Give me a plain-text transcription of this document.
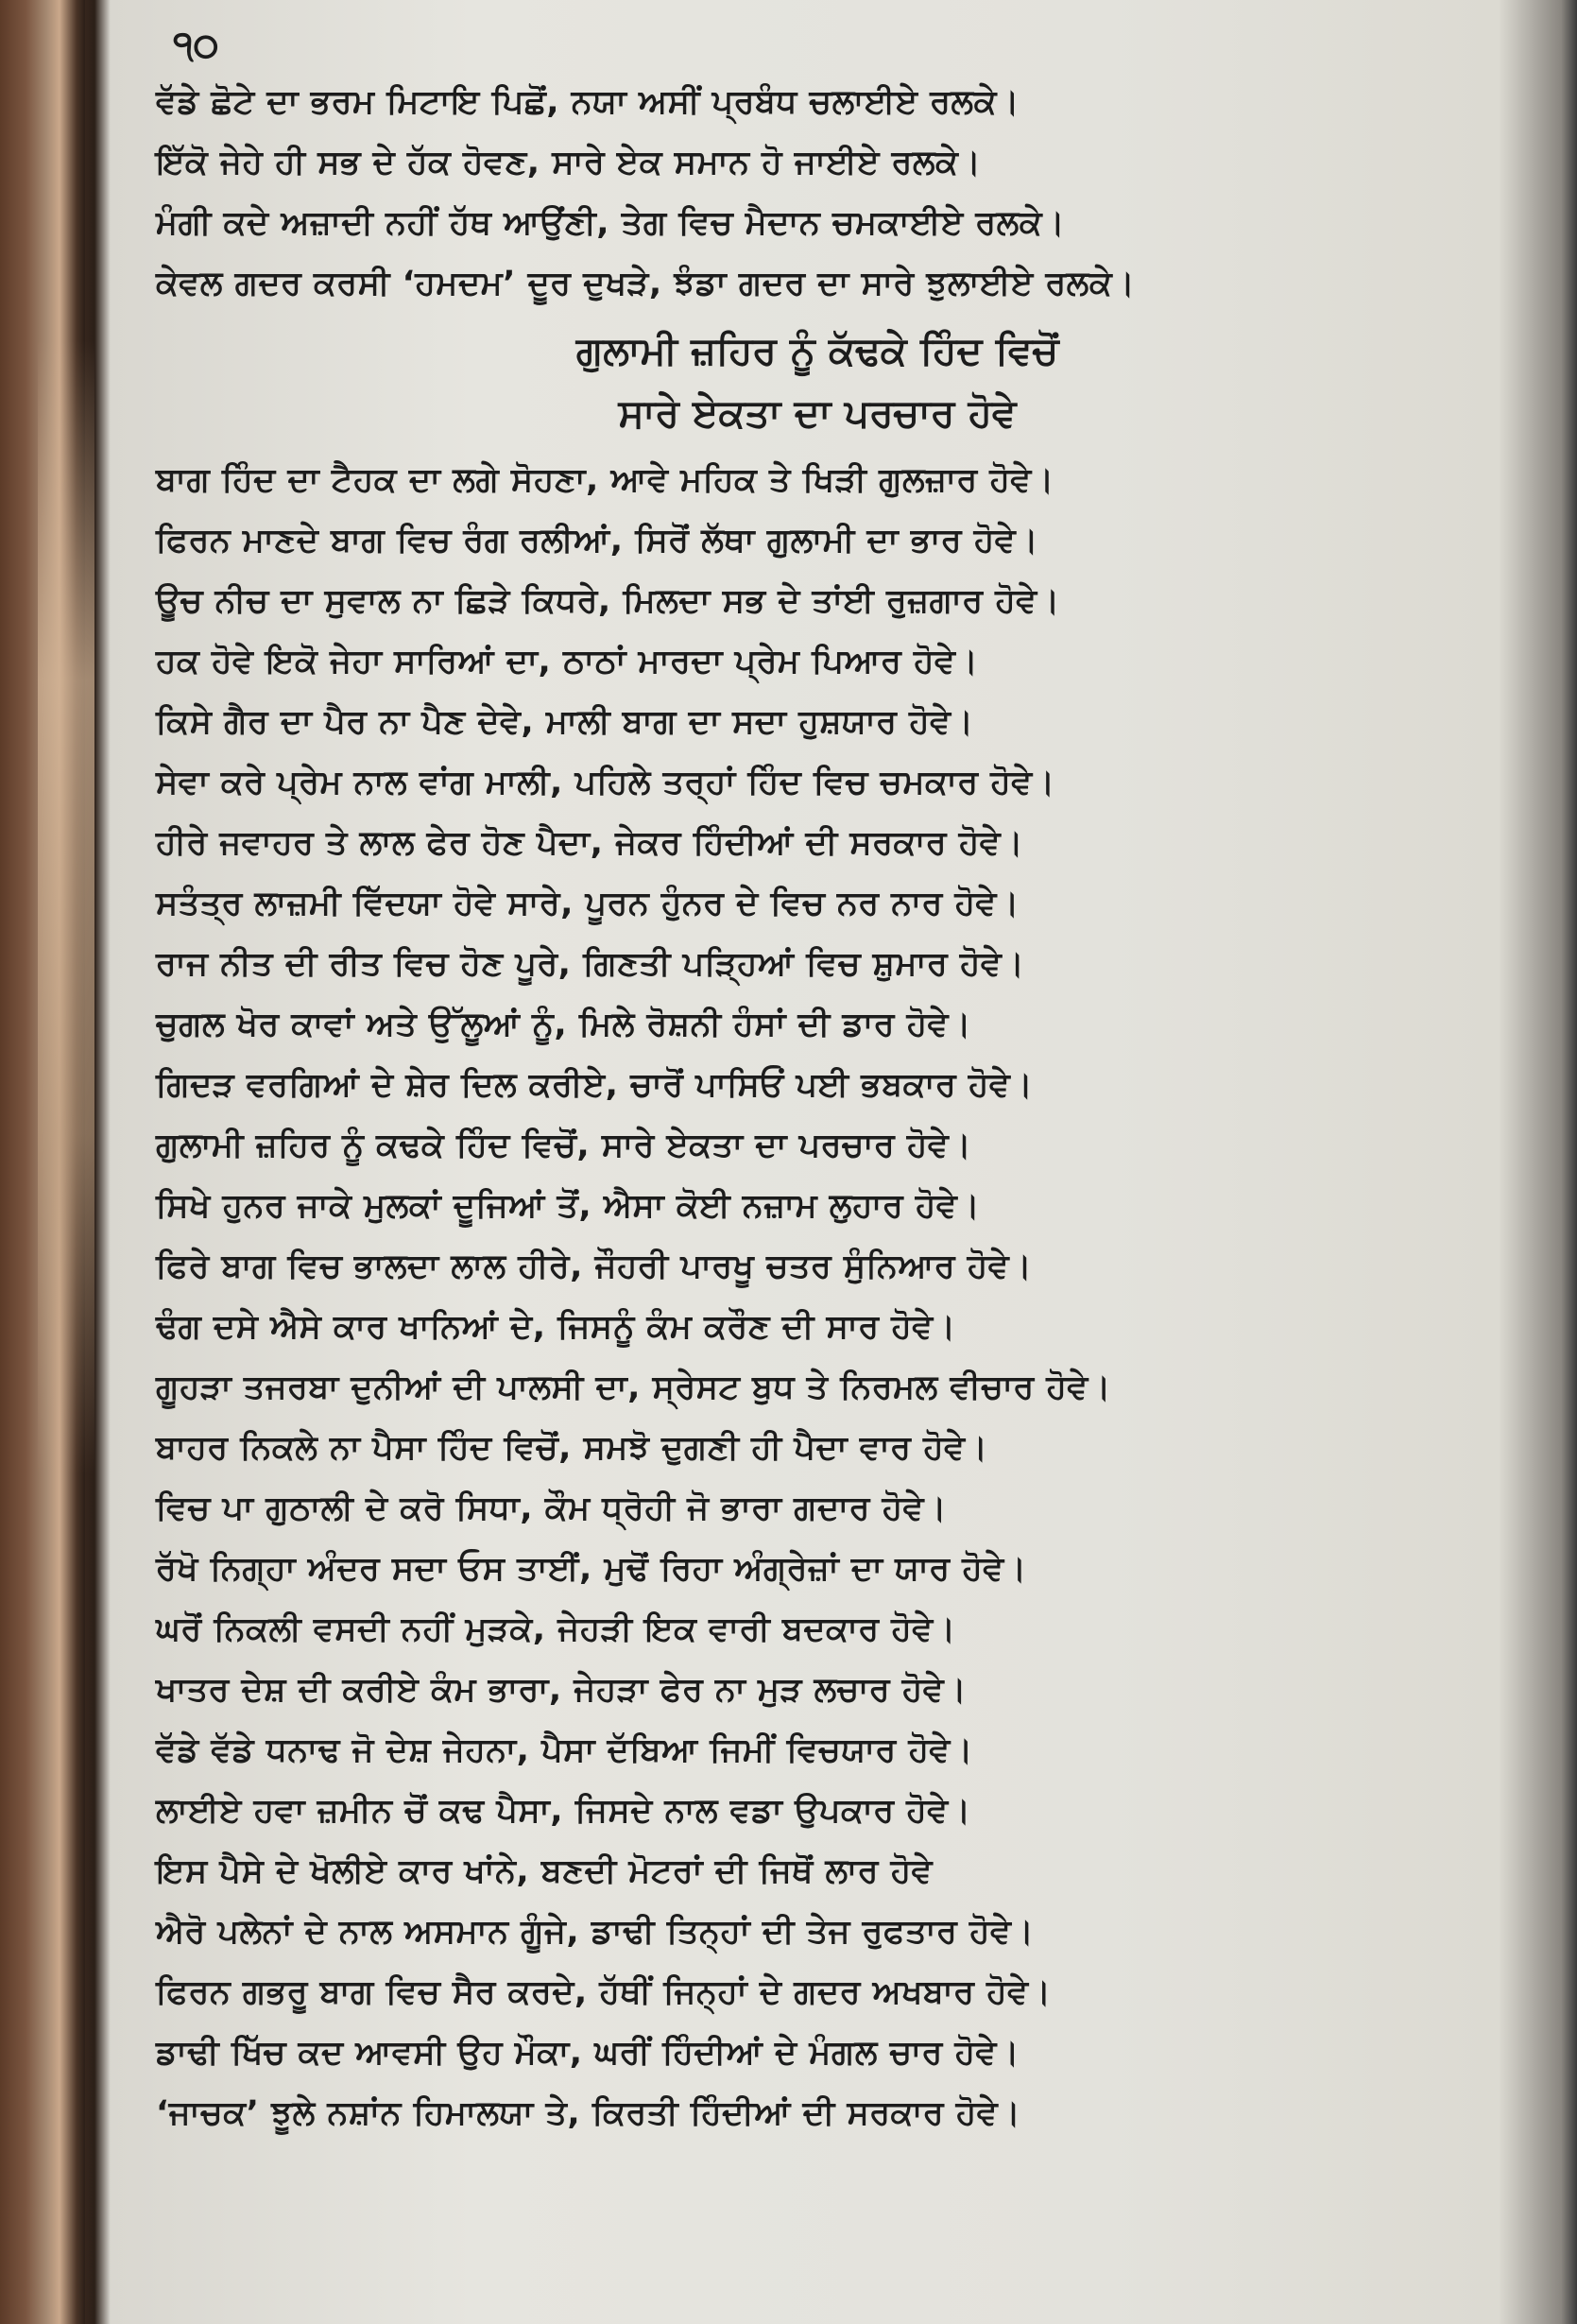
੧੦
ਵੱਡੇ ਛੋਟੇ ਦਾ ਭਰਮ ਮਿਟਾਇ ਪਿਛੋਂ, ਨਯਾ ਅਸੀਂ ਪ੍ਰਬੰਧ ਚਲਾਈਏ ਰਲਕੇ।
ਇੱਕੋ ਜੇਹੇ ਹੀ ਸਭ ਦੇ ਹੱਕ ਹੋਵਣ, ਸਾਰੇ ਏਕ ਸਮਾਨ ਹੋ ਜਾਈਏ ਰਲਕੇ।
ਮੰਗੀ ਕਦੇ ਅਜ਼ਾਦੀ ਨਹੀਂ ਹੱਥ ਆਉਂਣੀ, ਤੇਗ ਵਿਚ ਮੈਦਾਨ ਚਮਕਾਈਏ ਰਲਕੇ।
ਕੇਵਲ ਗਦਰ ਕਰਸੀ ‘ਹਮਦਮ’ ਦੂਰ ਦੁਖੜੇ, ਝੰਡਾ ਗਦਰ ਦਾ ਸਾਰੇ ਝੁਲਾਈਏ ਰਲਕੇ।
ਗੁਲਾਮੀ ਜ਼ਹਿਰ ਨੂੰ ਕੱਢਕੇ ਹਿੰਦ ਵਿਚੋਂ
ਸਾਰੇ ਏਕਤਾ ਦਾ ਪਰਚਾਰ ਹੋਵੇ
ਬਾਗ ਹਿੰਦ ਦਾ ਟੈਹਕ ਦਾ ਲਗੇ ਸੋਹਣਾ, ਆਵੇ ਮਹਿਕ ਤੇ ਖਿੜੀ ਗੁਲਜ਼ਾਰ ਹੋਵੇ।
ਫਿਰਨ ਮਾਣਦੇ ਬਾਗ ਵਿਚ ਰੰਗ ਰਲੀਆਂ, ਸਿਰੋਂ ਲੱਥਾ ਗੁਲਾਮੀ ਦਾ ਭਾਰ ਹੋਵੇ।
ਊਚ ਨੀਚ ਦਾ ਸੁਵਾਲ ਨਾ ਛਿੜੇ ਕਿਧਰੇ, ਮਿਲਦਾ ਸਭ ਦੇ ਤਾਂਈ ਰੁਜ਼ਗਾਰ ਹੋਵੇ।
ਹਕ ਹੋਵੇ ਇਕੋ ਜੇਹਾ ਸਾਰਿਆਂ ਦਾ, ਠਾਠਾਂ ਮਾਰਦਾ ਪ੍ਰੇਮ ਪਿਆਰ ਹੋਵੇ।
ਕਿਸੇ ਗੈਰ ਦਾ ਪੈਰ ਨਾ ਪੈਣ ਦੇਵੇ, ਮਾਲੀ ਬਾਗ ਦਾ ਸਦਾ ਹੁਸ਼ਯਾਰ ਹੋਵੇ।
ਸੇਵਾ ਕਰੇ ਪ੍ਰੇਮ ਨਾਲ ਵਾਂਗ ਮਾਲੀ, ਪਹਿਲੇ ਤਰ੍ਹਾਂ ਹਿੰਦ ਵਿਚ ਚਮਕਾਰ ਹੋਵੇ।
ਹੀਰੇ ਜਵਾਹਰ ਤੇ ਲਾਲ ਫੇਰ ਹੋਣ ਪੈਦਾ, ਜੇਕਰ ਹਿੰਦੀਆਂ ਦੀ ਸਰਕਾਰ ਹੋਵੇ।
ਸਤੰਤ੍ਰ ਲਾਜ਼ਮੀ ਵਿੱਦਯਾ ਹੋਵੇ ਸਾਰੇ, ਪੂਰਨ ਹੁੰਨਰ ਦੇ ਵਿਚ ਨਰ ਨਾਰ ਹੋਵੇ।
ਰਾਜ ਨੀਤ ਦੀ ਰੀਤ ਵਿਚ ਹੋਣ ਪੂਰੇ, ਗਿਣਤੀ ਪੜ੍ਹਿਆਂ ਵਿਚ ਸ਼ੁਮਾਰ ਹੋਵੇ।
ਚੁਗਲ ਖੋਰ ਕਾਵਾਂ ਅਤੇ ਉੱਲੂਆਂ ਨੂੰ, ਮਿਲੇ ਰੋਸ਼ਨੀ ਹੰਸਾਂ ਦੀ ਡਾਰ ਹੋਵੇ।
ਗਿਦੜ ਵਰਗਿਆਂ ਦੇ ਸ਼ੇਰ ਦਿਲ ਕਰੀਏ, ਚਾਰੋਂ ਪਾਸਿਓਂ ਪਈ ਭਬਕਾਰ ਹੋਵੇ।
ਗੁਲਾਮੀ ਜ਼ਹਿਰ ਨੂੰ ਕਢਕੇ ਹਿੰਦ ਵਿਚੋਂ, ਸਾਰੇ ਏਕਤਾ ਦਾ ਪਰਚਾਰ ਹੋਵੇ।
ਸਿਖੇ ਹੁਨਰ ਜਾਕੇ ਮੁਲਕਾਂ ਦੂਜਿਆਂ ਤੋਂ, ਐਸਾ ਕੋਈ ਨਜ਼ਾਮ ਲੁਹਾਰ ਹੋਵੇ।
ਫਿਰੇ ਬਾਗ ਵਿਚ ਭਾਲਦਾ ਲਾਲ ਹੀਰੇ, ਜੌਹਰੀ ਪਾਰਖੂ ਚਤਰ ਸੁੰਨਿਆਰ ਹੋਵੇ।
ਢੰਗ ਦਸੇ ਐਸੇ ਕਾਰ ਖਾਨਿਆਂ ਦੇ, ਜਿਸਨੂੰ ਕੰਮ ਕਰੌਣ ਦੀ ਸਾਰ ਹੋਵੇ।
ਗੂਹੜਾ ਤਜਰਬਾ ਦੁਨੀਆਂ ਦੀ ਪਾਲਸੀ ਦਾ, ਸ੍ਰੇਸਟ ਬੁਧ ਤੇ ਨਿਰਮਲ ਵੀਚਾਰ ਹੋਵੇ।
ਬਾਹਰ ਨਿਕਲੇ ਨਾ ਪੈਸਾ ਹਿੰਦ ਵਿਚੋਂ, ਸਮਝੋ ਦੁਗਣੀ ਹੀ ਪੈਦਾ ਵਾਰ ਹੋਵੇ।
ਵਿਚ ਪਾ ਗੁਠਾਲੀ ਦੇ ਕਰੋ ਸਿਧਾ, ਕੌਮ ਧ੍ਰੋਹੀ ਜੋ ਭਾਰਾ ਗਦਾਰ ਹੋਵੇ।
ਰੱਖੋ ਨਿਗ੍ਹਾ ਅੰਦਰ ਸਦਾ ਓਸ ਤਾਈਂ, ਮੁਢੋਂ ਰਿਹਾ ਅੰਗ੍ਰੇਜ਼ਾਂ ਦਾ ਯਾਰ ਹੋਵੇ।
ਘਰੋਂ ਨਿਕਲੀ ਵਸਦੀ ਨਹੀਂ ਮੁੜਕੇ, ਜੇਹੜੀ ਇਕ ਵਾਰੀ ਬਦਕਾਰ ਹੋਵੇ।
ਖਾਤਰ ਦੇਸ਼ ਦੀ ਕਰੀਏ ਕੰਮ ਭਾਰਾ, ਜੇਹੜਾ ਫੇਰ ਨਾ ਮੁੜ ਲਚਾਰ ਹੋਵੇ।
ਵੱਡੇ ਵੱਡੇ ਧਨਾਢ ਜੋ ਦੇਸ਼ ਜੇਹਨਾ, ਪੈਸਾ ਦੱਬਿਆ ਜਿਮੀਂ ਵਿਚਯਾਰ ਹੋਵੇ।
ਲਾਈਏ ਹਵਾ ਜ਼ਮੀਨ ਚੋਂ ਕਢ ਪੈਸਾ, ਜਿਸਦੇ ਨਾਲ ਵਡਾ ਉਪਕਾਰ ਹੋਵੇ।
ਇਸ ਪੈਸੇ ਦੇ ਖੋਲੀਏ ਕਾਰ ਖਾਂਨੇ, ਬਣਦੀ ਮੋਟਰਾਂ ਦੀ ਜਿਥੋਂ ਲਾਰ ਹੋਵੇ
ਐਰੋ ਪਲੇਨਾਂ ਦੇ ਨਾਲ ਅਸਮਾਨ ਗੂੰਜੇ, ਡਾਢੀ ਤਿਨ੍ਹਾਂ ਦੀ ਤੇਜ ਰੁਫਤਾਰ ਹੋਵੇ।
ਫਿਰਨ ਗਭਰੂ ਬਾਗ ਵਿਚ ਸੈਰ ਕਰਦੇ, ਹੱਥੀਂ ਜਿਨ੍ਹਾਂ ਦੇ ਗਦਰ ਅਖਬਾਰ ਹੋਵੇ।
ਡਾਢੀ ਖਿੱਚ ਕਦ ਆਵਸੀ ਉਹ ਮੌਕਾ, ਘਰੀਂ ਹਿੰਦੀਆਂ ਦੇ ਮੰਗਲ ਚਾਰ ਹੋਵੇ।
‘ਜਾਚਕ’ ਝੂਲੇ ਨਸ਼ਾਂਨ ਹਿਮਾਲਯਾ ਤੇ, ਕਿਰਤੀ ਹਿੰਦੀਆਂ ਦੀ ਸਰਕਾਰ ਹੋਵੇ।
